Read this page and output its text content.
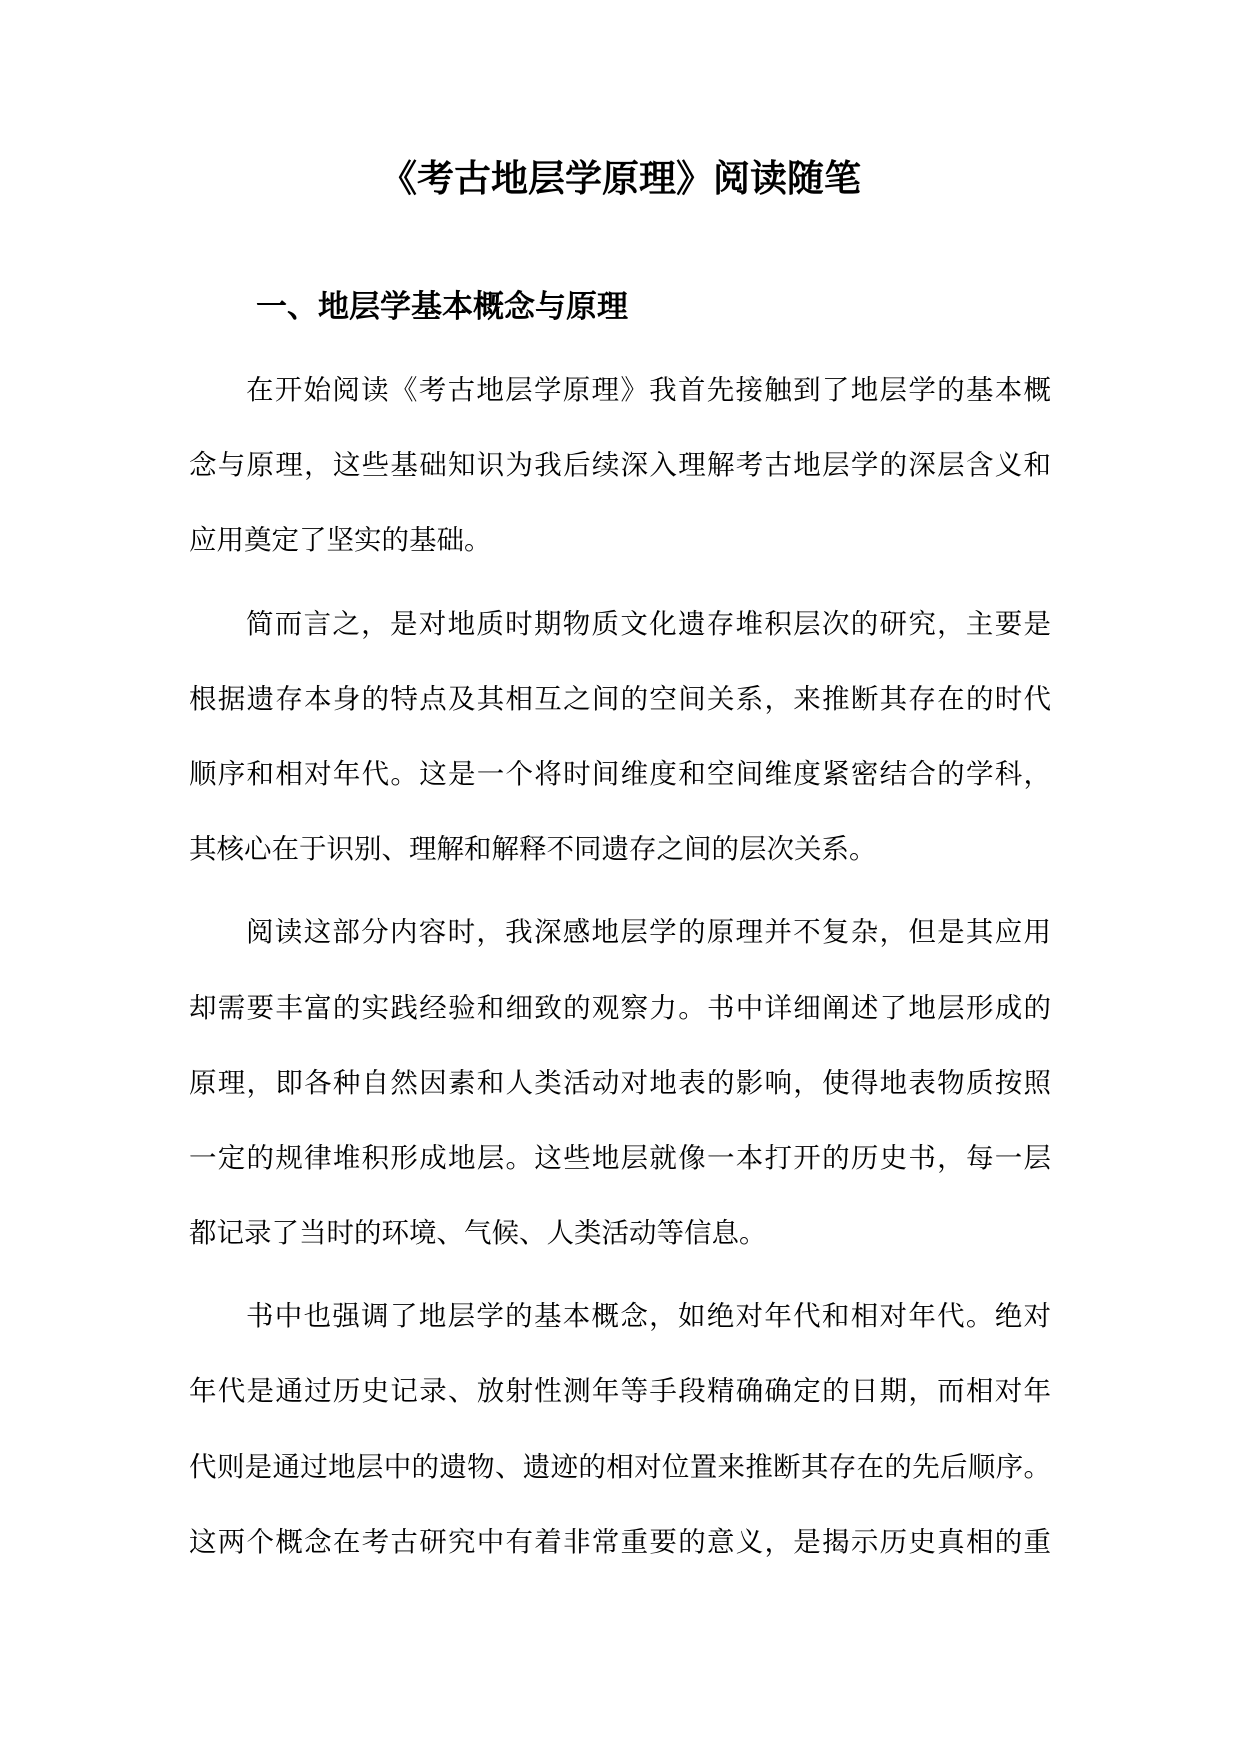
《考古地层学原理》阅读随笔
一、地层学基本概念与原理

在开始阅读《考古地层学原理》我首先接触到了地层学的基本概
念与原理，这些基础知识为我后续深入理解考古地层学的深层含义和
应用奠定了坚实的基础。

简而言之，是对地质时期物质文化遗存堆积层次的研究，主要是
根据遗存本身的特点及其相互之间的空间关系，来推断其存在的时代
顺序和相对年代。这是一个将时间维度和空间维度紧密结合的学科，
其核心在于识别、理解和解释不同遗存之间的层次关系。

阅读这部分内容时，我深感地层学的原理并不复杂，但是其应用
却需要丰富的实践经验和细致的观察力。书中详细阐述了地层形成的
原理，即各种自然因素和人类活动对地表的影响，使得地表物质按照
一定的规律堆积形成地层。这些地层就像一本打开的历史书，每一层
都记录了当时的环境、气候、人类活动等信息。

书中也强调了地层学的基本概念，如绝对年代和相对年代。绝对
年代是通过历史记录、放射性测年等手段精确确定的日期，而相对年
代则是通过地层中的遗物、遗迹的相对位置来推断其存在的先后顺序。
这两个概念在考古研究中有着非常重要的意义，是揭示历史真相的重
